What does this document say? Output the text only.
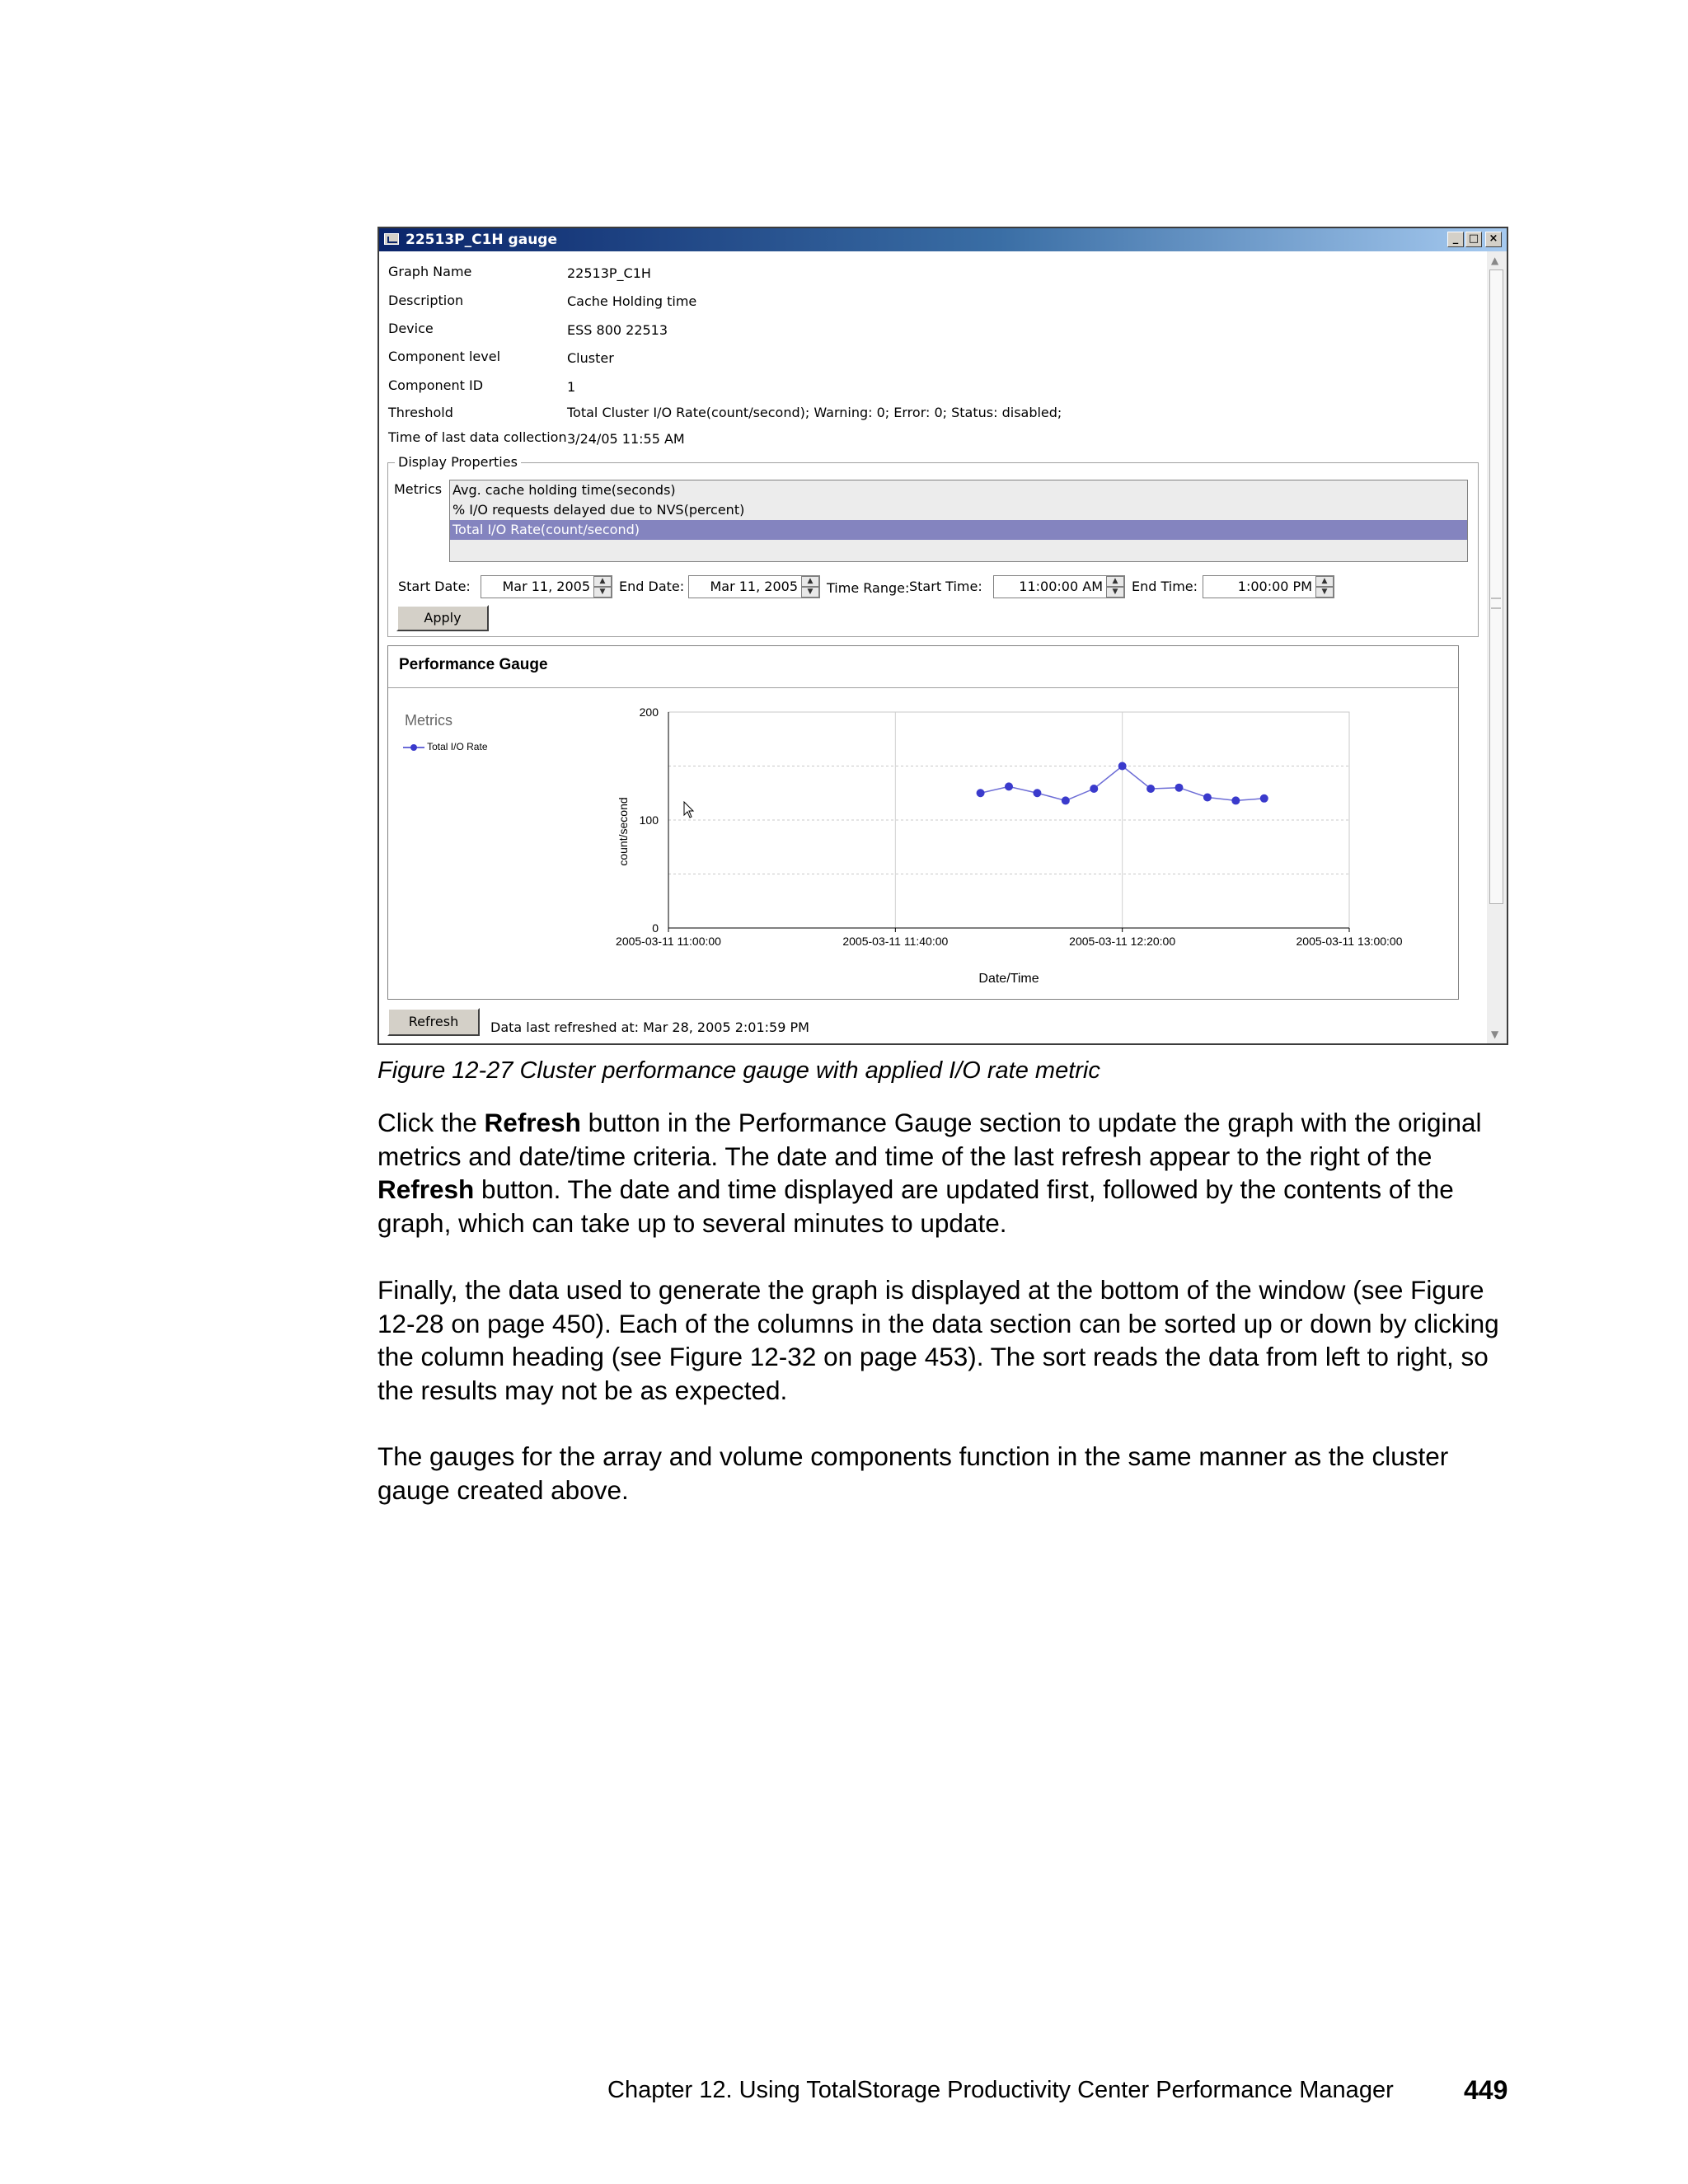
22513P_C1H gauge	_ □ ×
▲
▼
Graph Name	22513P_C1H
Description	Cache Holding time
Device	ESS 800 22513
Component level	Cluster
Component ID	1
Threshold	Total Cluster I/O Rate(count/second); Warning: 0; Error: 0; Status: disabled;
Time of last data collection 3/24/05 11:55 AM
Display Properties
Metrics Avg. cache holding time(seconds)
% I/O requests delayed due to NVS(percent)
Total I/O Rate(count/second)
Start Date: Mar 11, 2005	▲
▼	End Date: Mar 11, 2005	▲
▼	Time Range: Start Time:	11:00:00 AM	▲
▼	End Time:	1:00:00 PM	▲
▼
Apply
Performance Gauge
Metrics
Total I/O Rate
2005-03-11 11:00:00	2005-03-11 11:40:00	2005-03-11 12:20:00	2005-03-11 13:00:00
0
100
200
count/second
Date/Time
Refresh	Data last refreshed at: Mar 28, 2005 2:01:59 PM
Figure 12-27 Cluster performance gauge with applied I/O rate metric

Click the Refresh button in the Performance Gauge section to update the graph with the original metrics and date/time criteria. The date and time of the last refresh appear to the right of the Refresh button. The date and time displayed are updated first, followed by the contents of the graph, which can take up to several minutes to update.

Finally, the data used to generate the graph is displayed at the bottom of the window (see Figure 12-28 on page 450). Each of the columns in the data section can be sorted up or down by clicking the column heading (see Figure 12-32 on page 453). The sort reads the data from left to right, so the results may not be as expected.

The gauges for the array and volume components function in the same manner as the cluster gauge created above.

Chapter 12. Using TotalStorage Productivity Center Performance Manager	449
